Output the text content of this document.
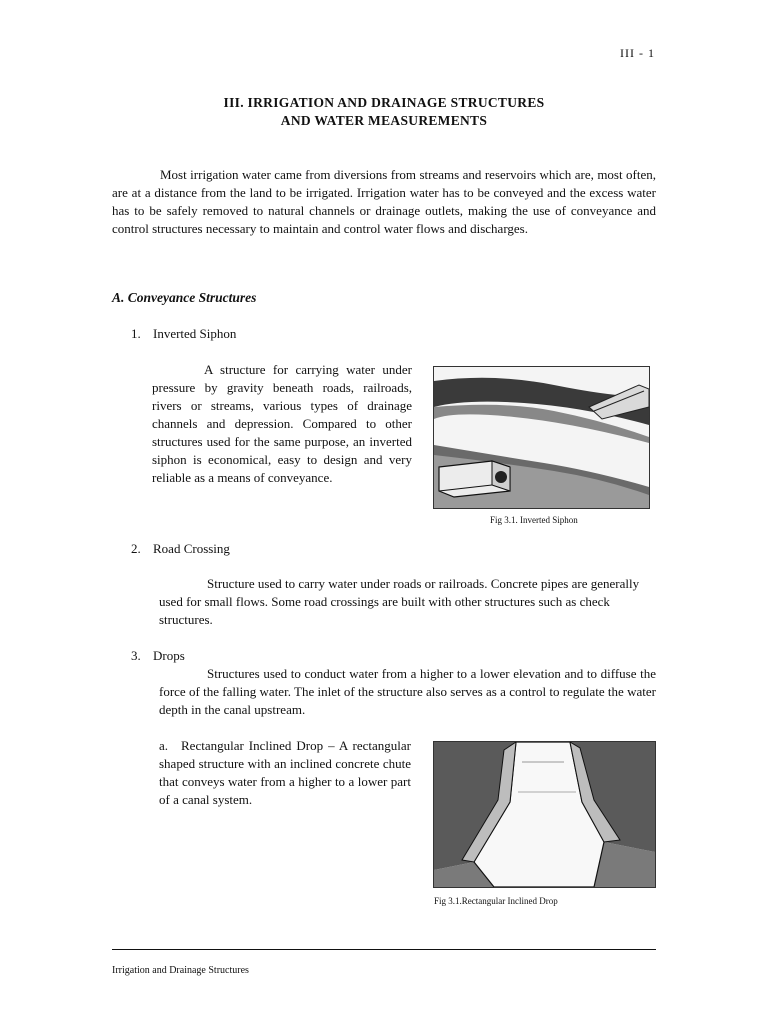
III - 1
III. IRRIGATION AND DRAINAGE STRUCTURES
AND WATER MEASUREMENTS
Most irrigation water came from diversions from streams and reservoirs which are, most often, are at a distance from the land to be irrigated. Irrigation water has to be conveyed and the excess water has to be safely removed to natural channels or drainage outlets, making the use of conveyance and control structures necessary to maintain and control water flows and discharges.
A. Conveyance Structures
1. Inverted Siphon
A structure for carrying water under pressure by gravity beneath roads, railroads, rivers or streams, various types of drainage channels and depression. Compared to other structures used for the same purpose, an inverted siphon is economical, easy to design and very reliable as a means of conveyance.
Fig 3.1. Inverted Siphon
2. Road Crossing
Structure used to carry water under roads or railroads. Concrete pipes are generally used for small flows. Some road crossings are built with other structures such as check structures.
3. Drops
Structures used to conduct water from a higher to a lower elevation and to diffuse the force of the falling water. The inlet of the structure also serves as a control to regulate the water depth in the canal upstream.
a. Rectangular Inclined Drop – A rectangular shaped structure with an inclined concrete chute that conveys water from a higher to a lower part of a canal system.
Fig 3.1.Rectangular Inclined Drop
Irrigation and Drainage Structures
